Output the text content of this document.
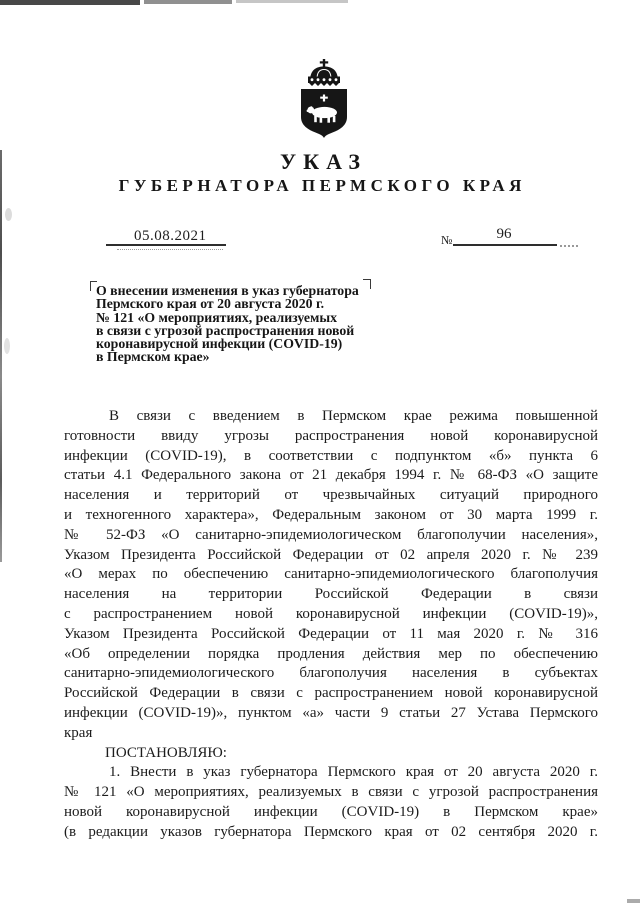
УКАЗ
ГУБЕРНАТОРА ПЕРМСКОГО КРАЯ
05.08.2021	№	96
О внесении изменения в указ губернатора
Пермского края от 20 августа 2020 г.
№ 121 «О мероприятиях, реализуемых
в связи с угрозой распространения новой
коронавирусной инфекции (COVID-19)
в Пермском крае»
В связи с введением в Пермском крае режима повышенной
готовности ввиду угрозы распространения новой коронавирусной
инфекции (COVID-19), в соответствии с подпунктом «б» пункта 6
статьи 4.1 Федерального закона от 21 декабря 1994 г. № 68-ФЗ «О защите
населения и территорий от чрезвычайных ситуаций природного
и техногенного характера», Федеральным законом от 30 марта 1999 г.
№ 52-ФЗ «О санитарно-эпидемиологическом благополучии населения»,
Указом Президента Российской Федерации от 02 апреля 2020 г. № 239
«О мерах по обеспечению санитарно-эпидемиологического благополучия
населения на территории Российской Федерации в связи
с распространением новой коронавирусной инфекции (COVID-19)»,
Указом Президента Российской Федерации от 11 мая 2020 г. № 316
«Об определении порядка продления действия мер по обеспечению
санитарно-эпидемиологического благополучия населения в субъектах
Российской Федерации в связи с распространением новой коронавирусной
инфекции (COVID-19)», пунктом «а» части 9 статьи 27 Устава Пермского
края
ПОСТАНОВЛЯЮ:
1. Внести в указ губернатора Пермского края от 20 августа 2020 г.
№ 121 «О мероприятиях, реализуемых в связи с угрозой распространения
новой коронавирусной инфекции (COVID-19) в Пермском крае»
(в редакции указов губернатора Пермского края от 02 сентября 2020 г.
